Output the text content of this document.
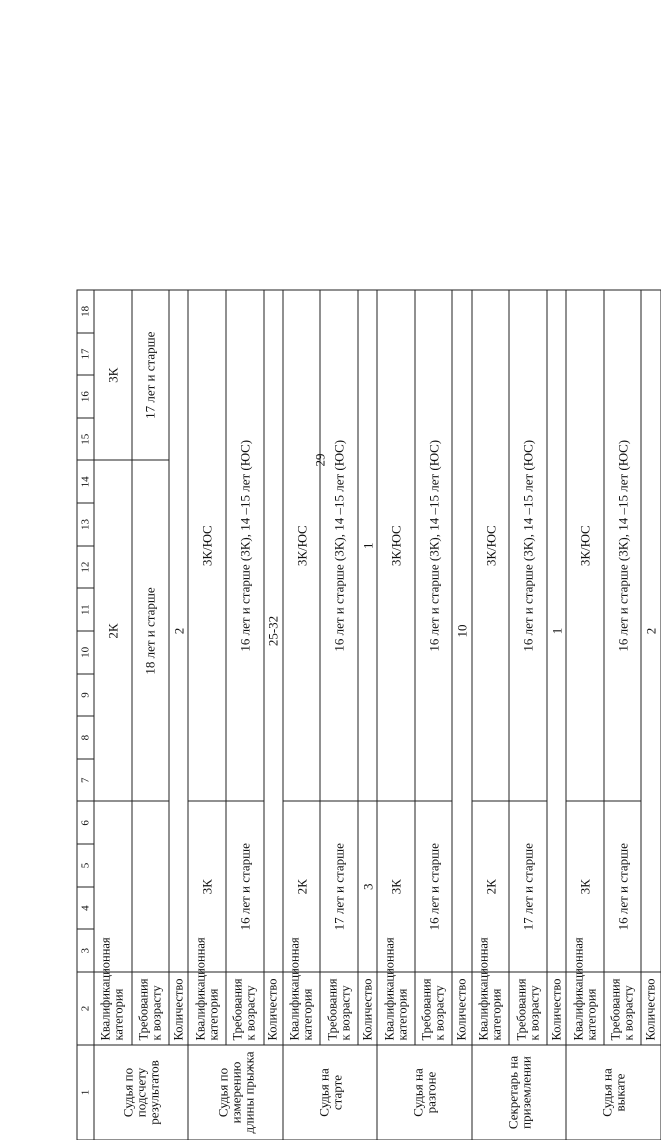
29
1	2	3	4	5	6	7	8	9	10	11	12	13	14	15	16	17	18
Судья по подсчету результатов	Квалификационная категория					2К								3К			
	Требования к возрасту					18 лет и старше								17 лет и старше			
	Количество	2															
Судья по измерению длины прыжка	Квалификационная категория	3К				3К/ЮС											
	Требования к возрасту	16 лет и старше				16 лет и старше (3К), 14 –15 лет (ЮС)											
	Количество	25-32															
Судья на старте	Квалификационная категория	2К				3К/ЮС											
	Требования к возрасту	17 лет и старше				16 лет и старше (3К), 14 –15 лет (ЮС)											
	Количество	3				1											
Судья на разгоне	Квалификационная категория	3К				3К/ЮС											
	Требования к возрасту	16 лет и старше				16 лет и старше (3К), 14 –15 лет (ЮС)											
	Количество	10															
Секретарь на приземлении	Квалификационная категория	2К				3К/ЮС											
	Требования к возрасту	17 лет и старше				16 лет и старше (3К), 14 –15 лет (ЮС)											
	Количество	1															
Судья на выкате	Квалификационная категория	3К				3К/ЮС											
	Требования к возрасту	16 лет и старше				16 лет и старше (3К), 14 –15 лет (ЮС)											
	Количество	2															
